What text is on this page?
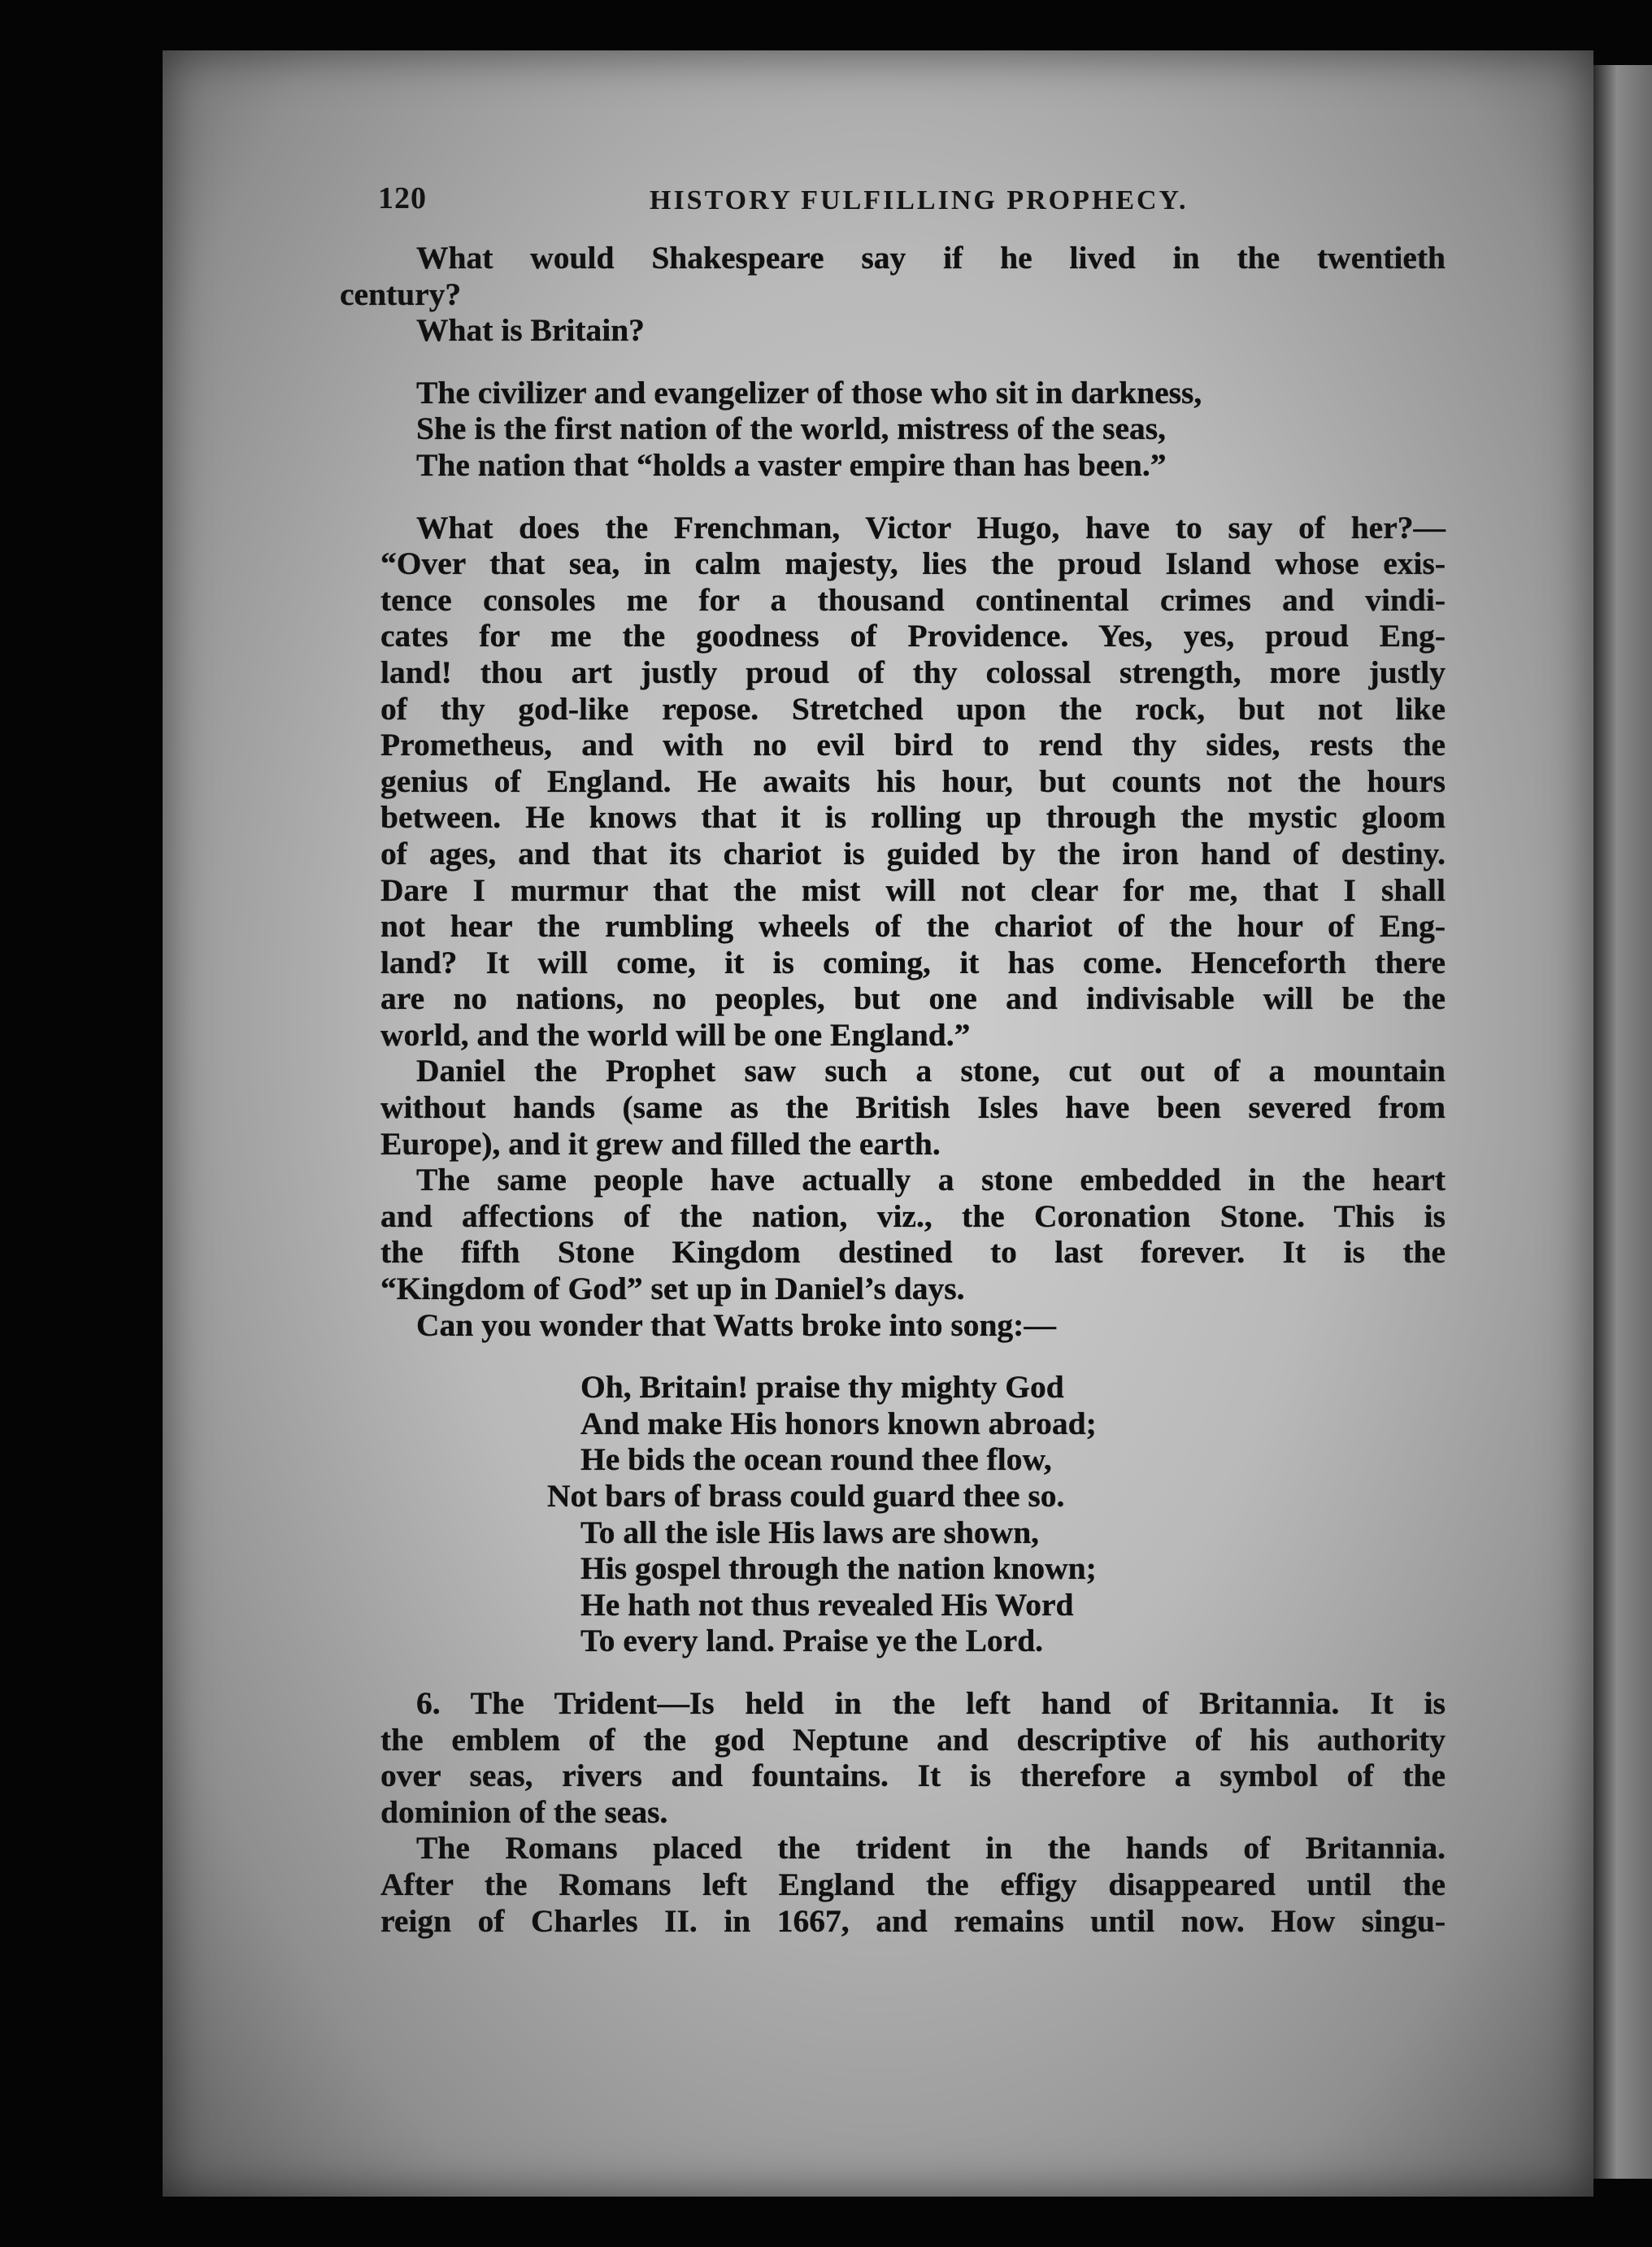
120	HISTORY FULFILLING PROPHECY.
What would Shakespeare say if he lived in the twentieth
century?
What is Britain?
The civilizer and evangelizer of those who sit in darkness,
She is the first nation of the world, mistress of the seas,
The nation that “holds a vaster empire than has been.”
What does the Frenchman, Victor Hugo, have to say of her?—
“Over that sea, in calm majesty, lies the proud Island whose exis-
tence consoles me for a thousand continental crimes and vindi-
cates for me the goodness of Providence. Yes, yes, proud Eng-
land! thou art justly proud of thy colossal strength, more justly
of thy god-like repose. Stretched upon the rock, but not like
Prometheus, and with no evil bird to rend thy sides, rests the
genius of England. He awaits his hour, but counts not the hours
between. He knows that it is rolling up through the mystic gloom
of ages, and that its chariot is guided by the iron hand of destiny.
Dare I murmur that the mist will not clear for me, that I shall
not hear the rumbling wheels of the chariot of the hour of Eng-
land? It will come, it is coming, it has come. Henceforth there
are no nations, no peoples, but one and indivisable will be the
world, and the world will be one England.”
Daniel the Prophet saw such a stone, cut out of a mountain
without hands (same as the British Isles have been severed from
Europe), and it grew and filled the earth.
The same people have actually a stone embedded in the heart
and affections of the nation, viz., the Coronation Stone. This is
the fifth Stone Kingdom destined to last forever. It is the
“Kingdom of God” set up in Daniel’s days.
Can you wonder that Watts broke into song:—
Oh, Britain! praise thy mighty God
And make His honors known abroad;
He bids the ocean round thee flow,
Not bars of brass could guard thee so.
To all the isle His laws are shown,
His gospel through the nation known;
He hath not thus revealed His Word
To every land. Praise ye the Lord.
6. The Trident—Is held in the left hand of Britannia. It is
the emblem of the god Neptune and descriptive of his authority
over seas, rivers and fountains. It is therefore a symbol of the
dominion of the seas.
The Romans placed the trident in the hands of Britannia.
After the Romans left England the effigy disappeared until the
reign of Charles II. in 1667, and remains until now. How singu-
